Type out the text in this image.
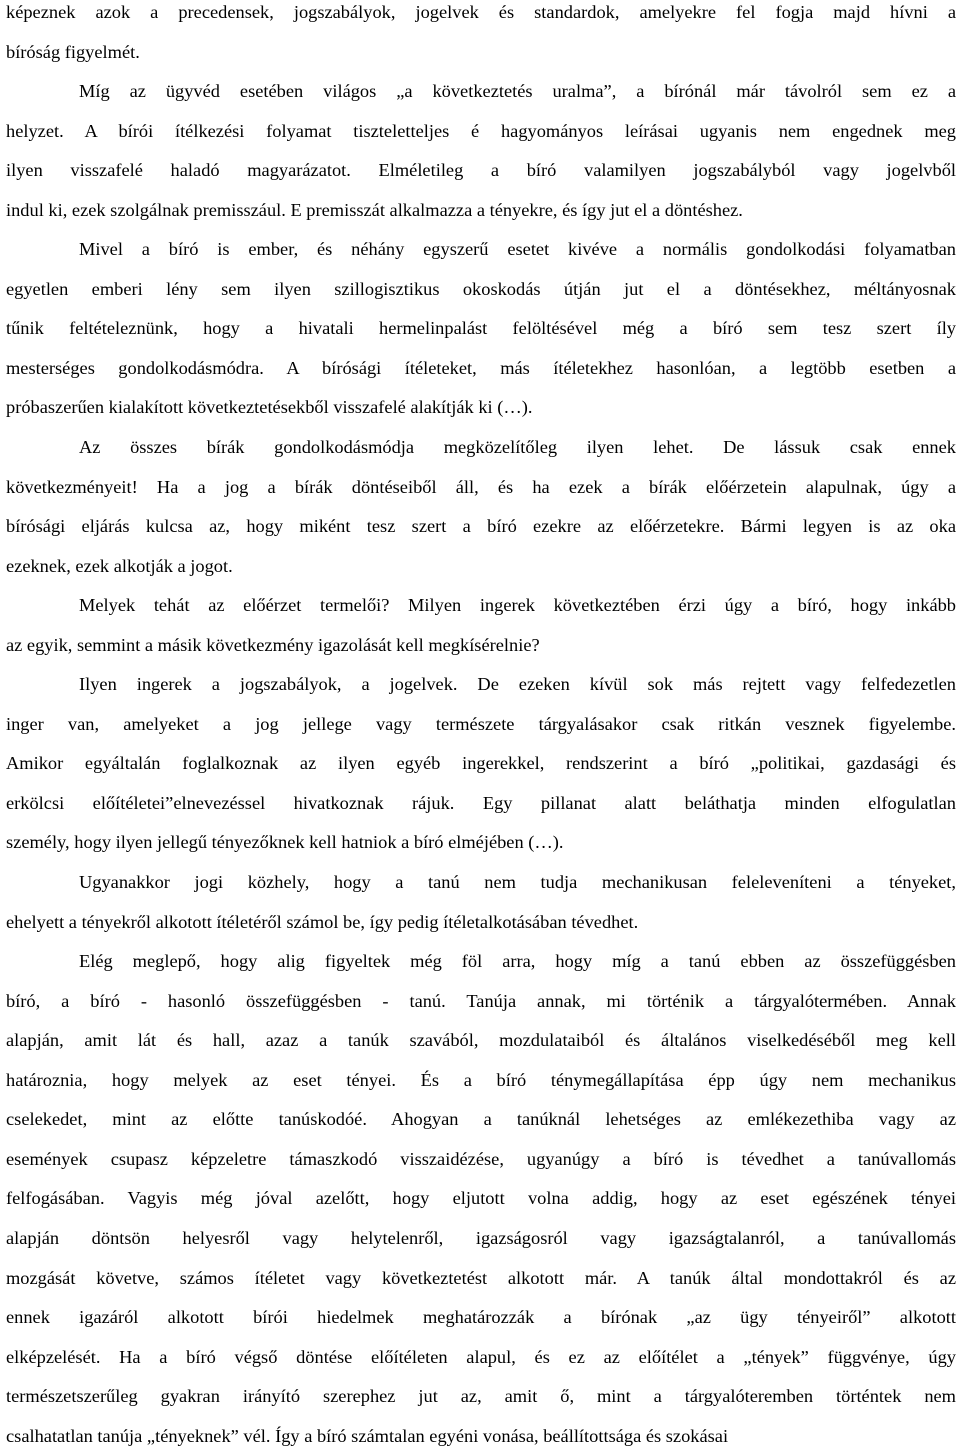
képeznek azok a precedensek, jogszabályok, jogelvek és standardok, amelyekre fel fogja majd hívni a
bíróság figyelmét.
Míg az ügyvéd esetében világos „a következtetés uralma”, a bírónál már távolról sem ez a
helyzet. A bírói ítélkezési folyamat tiszteletteljes é hagyományos leírásai ugyanis nem engednek meg
ilyen visszafelé haladó magyarázatot. Elméletileg a bíró valamilyen jogszabályból vagy jogelvből
indul ki, ezek szolgálnak premisszául. E premisszát alkalmazza a tényekre, és így jut el a döntéshez.
Mivel a bíró is ember, és néhány egyszerű esetet kivéve a normális gondolkodási folyamatban
egyetlen emberi lény sem ilyen szillogisztikus okoskodás útján jut el a döntésekhez, méltányosnak
tűnik feltételeznünk, hogy a hivatali hermelinpalást felöltésével még a bíró sem tesz szert íly
mesterséges gondolkodásmódra. A bírósági ítéleteket, más ítéletekhez hasonlóan, a legtöbb esetben a
próbaszerűen kialakított következtetésekből visszafelé alakítják ki (…).
Az összes bírák gondolkodásmódja megközelítőleg ilyen lehet. De lássuk csak ennek
következményeit! Ha a jog a bírák döntéseiből áll, és ha ezek a bírák előérzetein alapulnak, úgy a
bírósági eljárás kulcsa az, hogy miként tesz szert a bíró ezekre az előérzetekre. Bármi legyen is az oka
ezeknek, ezek alkotják a jogot.
Melyek tehát az előérzet termelői? Milyen ingerek következtében érzi úgy a bíró, hogy inkább
az egyik, semmint a másik következmény igazolását kell megkísérelnie?
Ilyen ingerek a jogszabályok, a jogelvek. De ezeken kívül sok más rejtett vagy felfedezetlen
inger van, amelyeket a jog jellege vagy természete tárgyalásakor csak ritkán vesznek figyelembe.
Amikor egyáltalán foglalkoznak az ilyen egyéb ingerekkel, rendszerint a bíró „politikai, gazdasági és
erkölcsi előítéletei”elnevezéssel hivatkoznak rájuk. Egy pillanat alatt beláthatja minden elfogulatlan
személy, hogy ilyen jellegű tényezőknek kell hatniok a bíró elméjében (…).
Ugyanakkor jogi közhely, hogy a tanú nem tudja mechanikusan feleleveníteni a tényeket,
ehelyett a tényekről alkotott ítéletéről számol be, így pedig ítéletalkotásában tévedhet.
Elég meglepő, hogy alig figyeltek még föl arra, hogy míg a tanú ebben az összefüggésben
bíró, a bíró - hasonló összefüggésben - tanú. Tanúja annak, mi történik a tárgyalótermében. Annak
alapján, amit lát és hall, azaz a tanúk szavából, mozdulataiból és általános viselkedéséből meg kell
határoznia, hogy melyek az eset tényei. És a bíró ténymegállapítása épp úgy nem mechanikus
cselekedet, mint az előtte tanúskodóé. Ahogyan a tanúknál lehetséges az emlékezethiba vagy az
események csupasz képzeletre támaszkodó visszaidézése, ugyanúgy a bíró is tévedhet a tanúvallomás
felfogásában. Vagyis még jóval azelőtt, hogy eljutott volna addig, hogy az eset egészének tényei
alapján döntsön helyesről vagy helytelenről, igazságosról vagy igazságtalanról, a tanúvallomás
mozgását követve, számos ítéletet vagy következtetést alkotott már. A tanúk által mondottakról és az
ennek igazáról alkotott bírói hiedelmek meghatározzák a bírónak „az ügy tényeiről” alkotott
elképzelését. Ha a bíró végső döntése előítéleten alapul, és ez az előítélet a „tények” függvénye, úgy
természetszerűleg gyakran irányító szerephez jut az, amit ő, mint a tárgyalóteremben történtek nem
csalhatatlan tanúja „tényeknek” vél. Így a bíró számtalan egyéni vonása, beállítottsága és szokásai
